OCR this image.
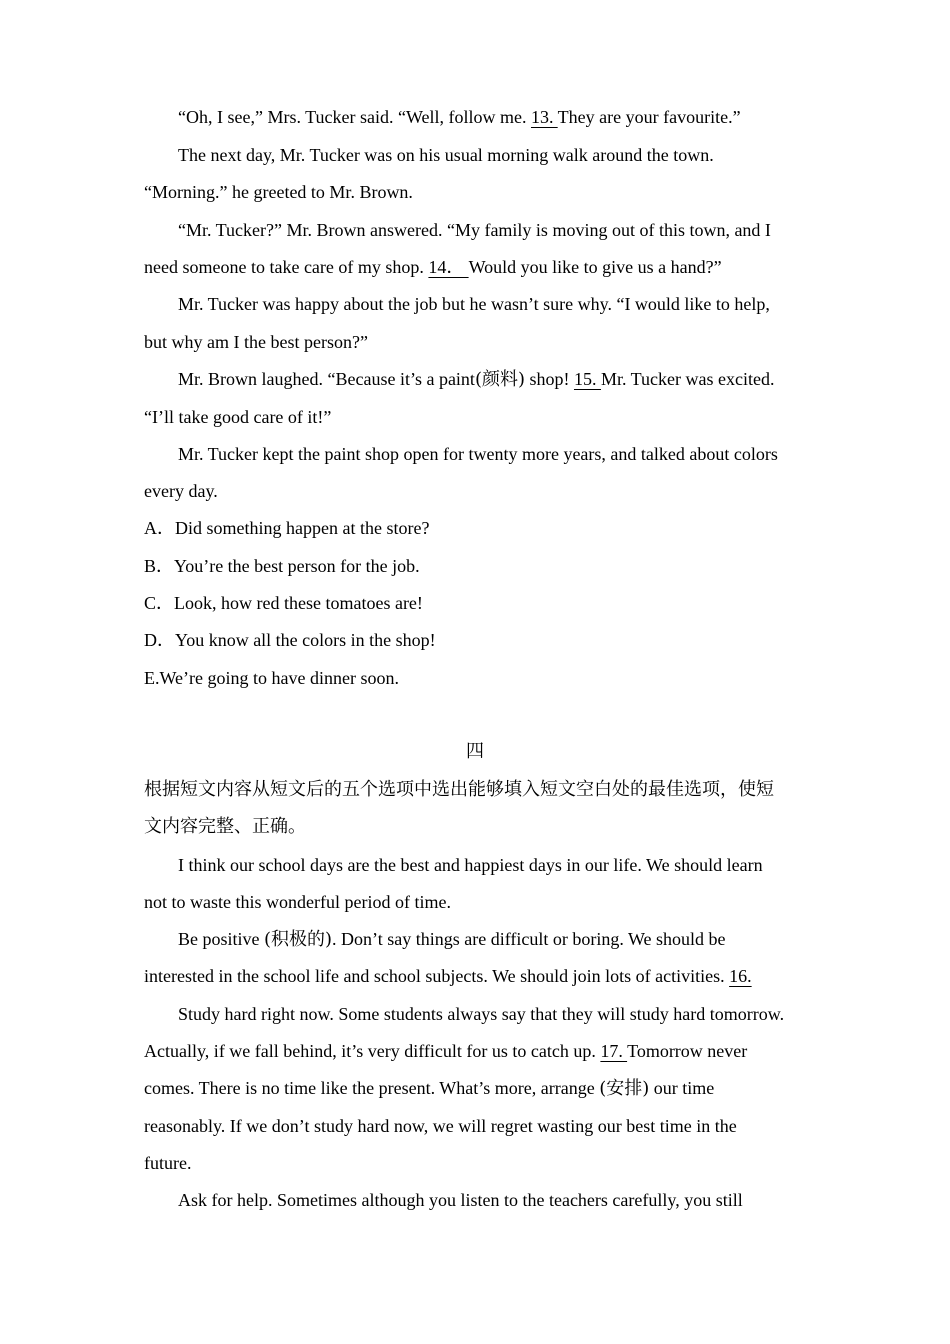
“Oh, I see,” Mrs. Tucker said. “Well, follow me. 13. They are your favourite.”
The next day, Mr. Tucker was on his usual morning walk around the town.
“Morning.” he greeted to Mr. Brown.
“Mr. Tucker?” Mr. Brown answered. “My family is moving out of this town, and I
need someone to take care of my shop. 14． Would you like to give us a hand?”
Mr. Tucker was happy about the job but he wasn’t sure why. “I would like to help,
but why am I the best person?”
Mr. Brown laughed. “Because it’s a paint(颜料) shop! 15. Mr. Tucker was excited.
“I’ll take good care of it!”
Mr. Tucker kept the paint shop open for twenty more years, and talked about colors
every day.
A．Did something happen at the store?
B．You’re the best person for the job.
C．Look, how red these tomatoes are!
D．You know all the colors in the shop!
E.We’re going to have dinner soon.
四
根据短文内容从短文后的五个选项中选出能够填入短文空白处的最佳选项，使短
文内容完整、正确。
I think our school days are the best and happiest days in our life. We should learn
not to waste this wonderful period of time.
Be positive (积极的). Don’t say things are difficult or boring. We should be
interested in the school life and school subjects. We should join lots of activities. 16.
Study hard right now. Some students always say that they will study hard tomorrow.
Actually, if we fall behind, it’s very difficult for us to catch up. 17. Tomorrow never
comes. There is no time like the present. What’s more, arrange (安排) our time
reasonably. If we don’t study hard now, we will regret wasting our best time in the
future.
Ask for help. Sometimes although you listen to the teachers carefully, you still
